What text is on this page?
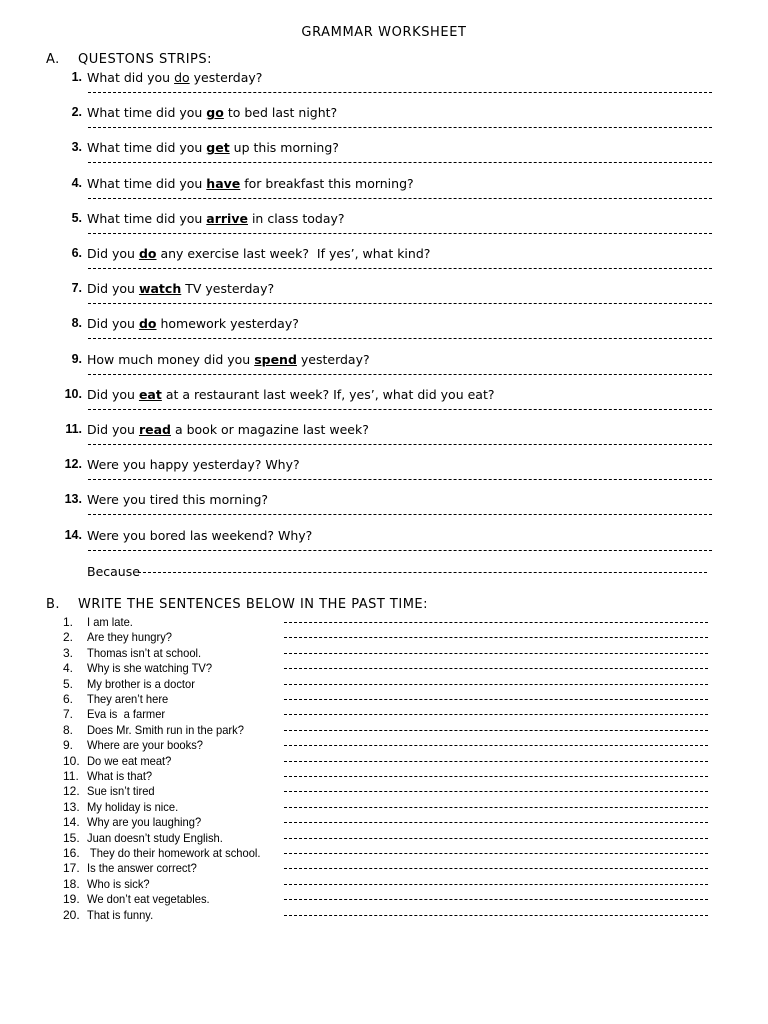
GRAMMAR WORKSHEET
A. QUESTONS STRIPS:
1. What did you do yesterday?
2. What time did you go to bed last night?
3. What time did you get up this morning?
4. What time did you have for breakfast this morning?
5. What time did you arrive in class today?
6. Did you do any exercise last week?  If yes’, what kind?
7. Did you watch TV yesterday?
8. Did you do homework yesterday?
9. How much money did you spend yesterday?
10. Did you eat at a restaurant last week? If, yes’, what did you eat?
11. Did you read a book or magazine last week?
12. Were you happy yesterday? Why?
13. Were you tired this morning?
14. Were you bored las weekend? Why?
Because
B. WRITE THE SENTENCES BELOW IN THE PAST TIME:
1. I am late.
2. Are they hungry?
3. Thomas isn’t at school.
4. Why is she watching TV?
5. My brother is a doctor
6. They aren’t here
7. Eva is  a farmer
8. Does Mr. Smith run in the park?
9. Where are your books?
10. Do we eat meat?
11. What is that?
12. Sue isn’t tired
13. My holiday is nice.
14. Why are you laughing?
15. Juan doesn’t study English.
16. They do their homework at school.
17. Is the answer correct?
18. Who is sick?
19. We don’t eat vegetables.
20. That is funny.
